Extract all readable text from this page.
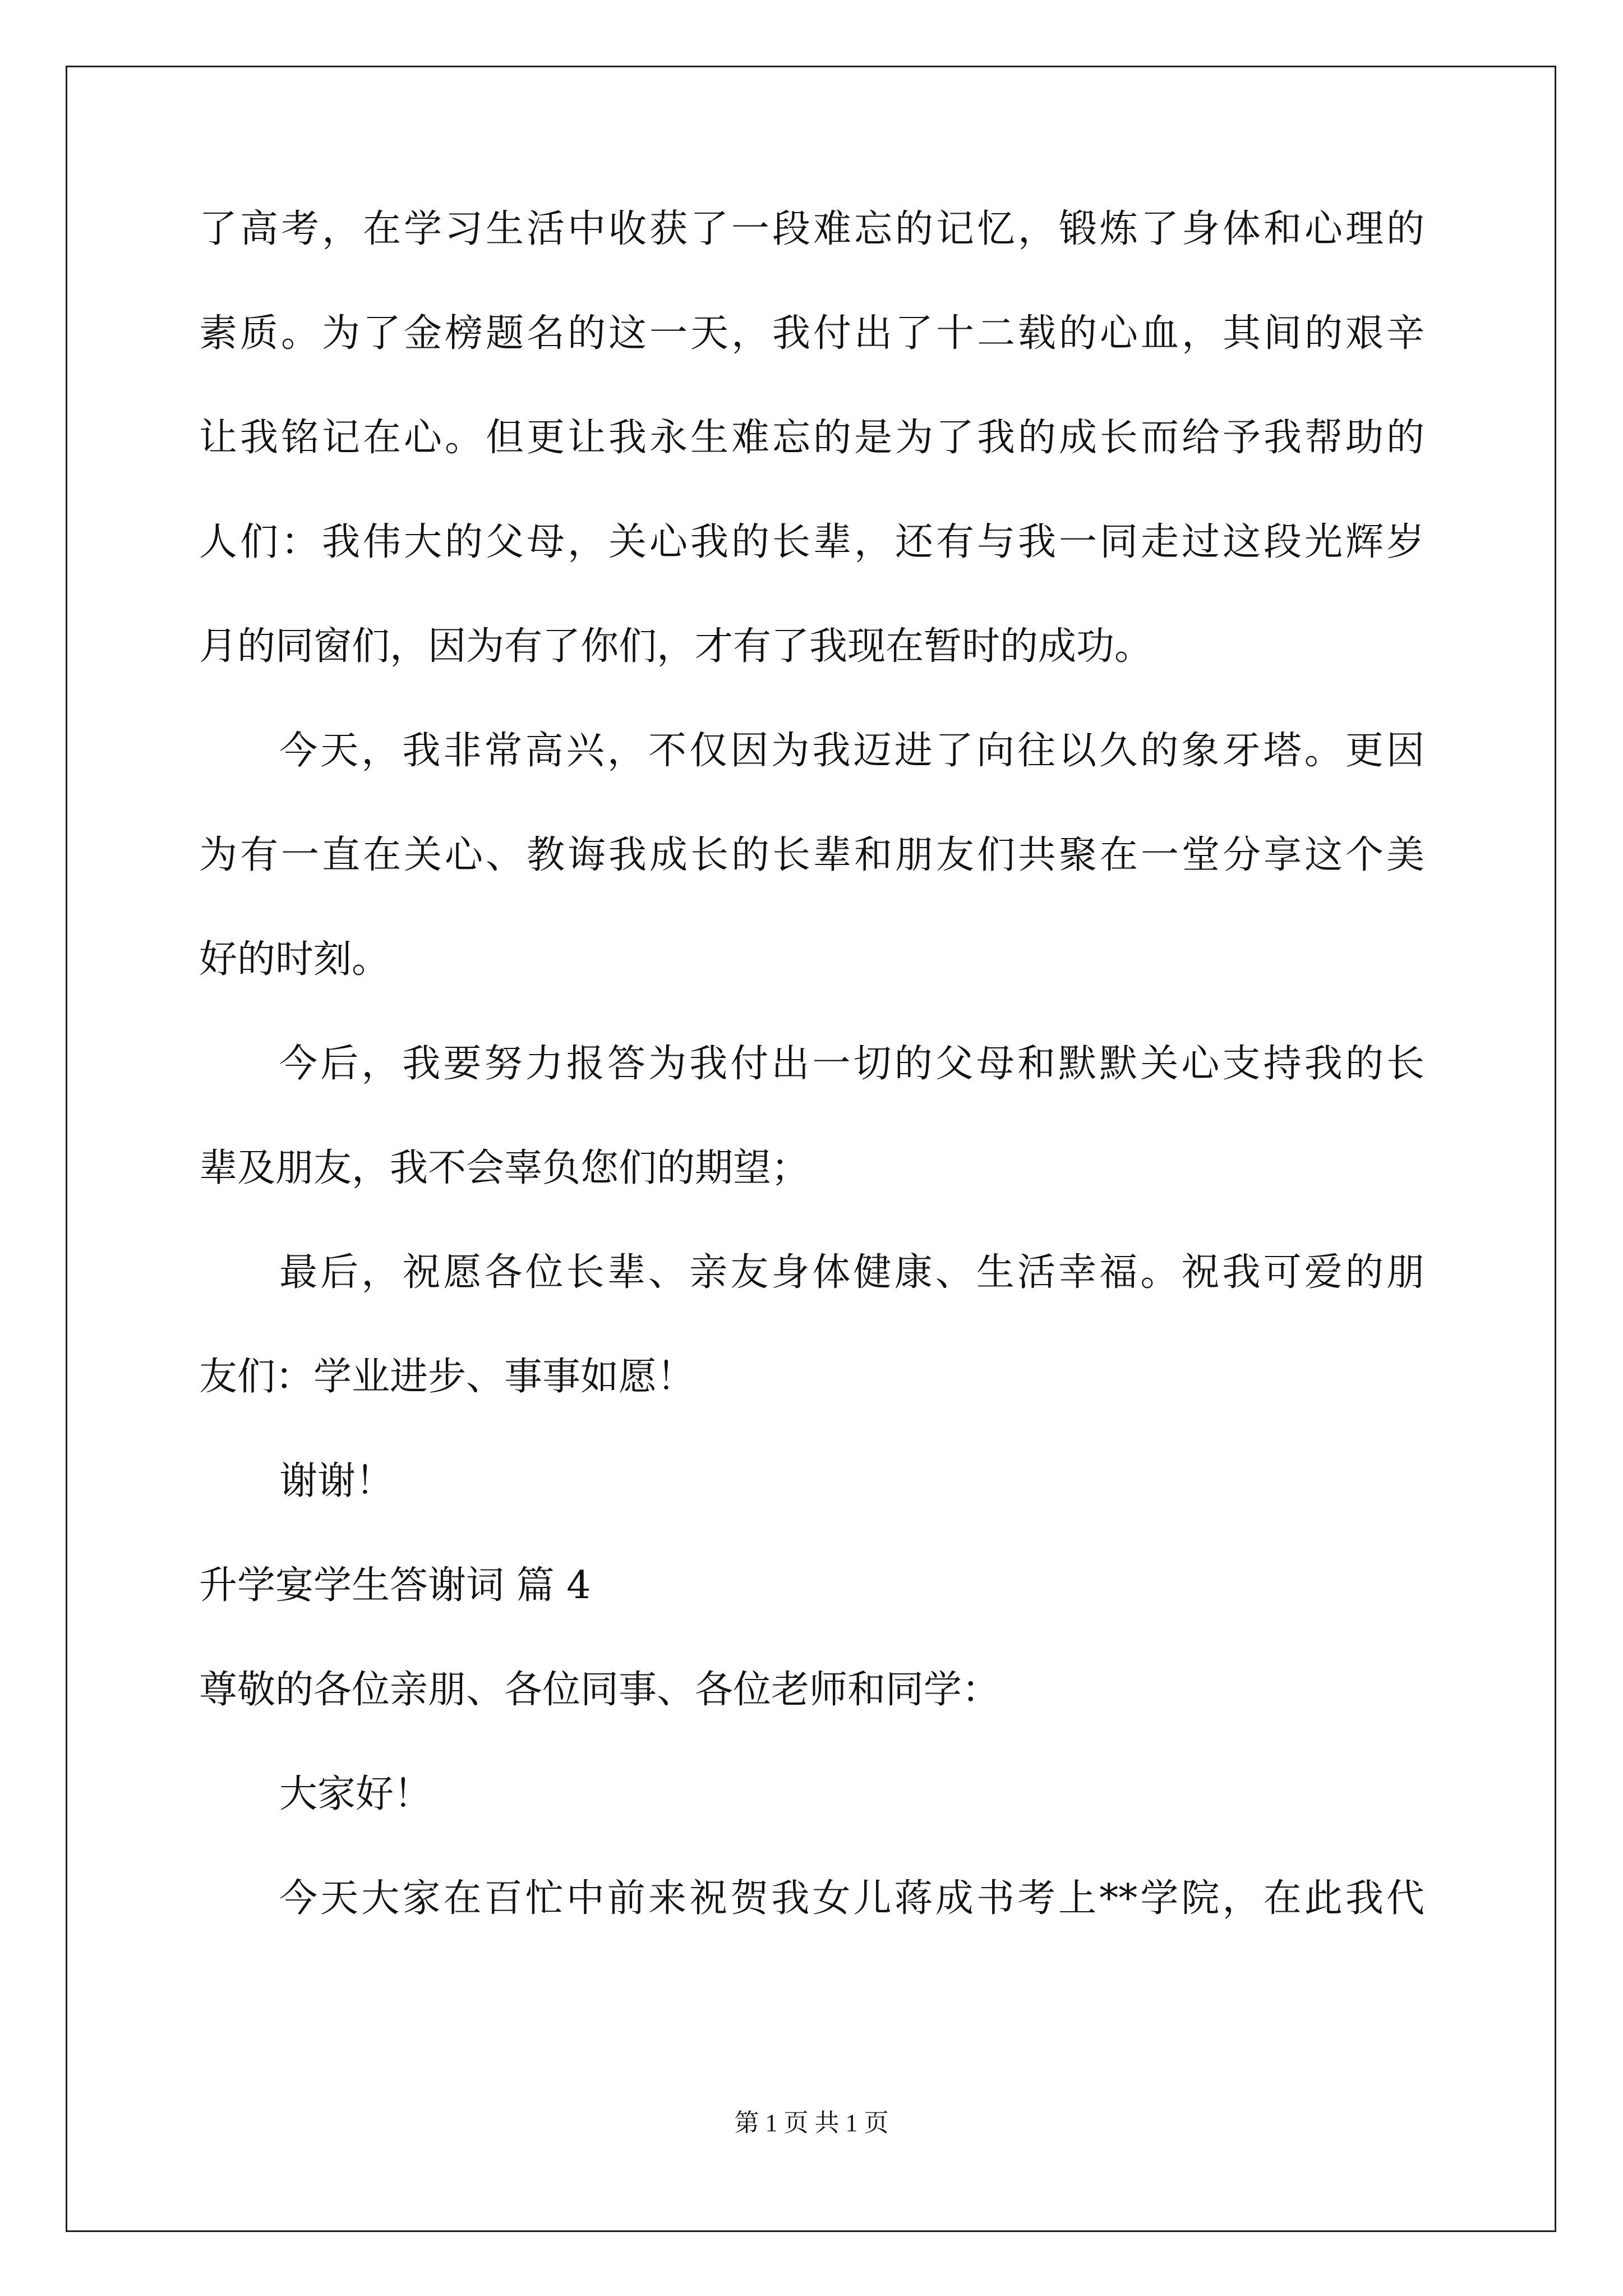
了高考，在学习生活中收获了一段难忘的记忆，锻炼了身体和心理的
素质。为了金榜题名的这一天，我付出了十二载的心血，其间的艰辛
让我铭记在心。但更让我永生难忘的是为了我的成长而给予我帮助的
人们：我伟大的父母，关心我的长辈，还有与我一同走过这段光辉岁
月的同窗们，因为有了你们，才有了我现在暂时的成功。
今天，我非常高兴，不仅因为我迈进了向往以久的象牙塔。更因
为有一直在关心、教诲我成长的长辈和朋友们共聚在一堂分享这个美
好的时刻。
今后，我要努力报答为我付出一切的父母和默默关心支持我的长
辈及朋友，我不会辜负您们的期望；
最后，祝愿各位长辈、亲友身体健康、生活幸福。祝我可爱的朋
友们：学业进步、事事如愿！
谢谢！
升学宴学生答谢词 篇 4
尊敬的各位亲朋、各位同事、各位老师和同学：
大家好！
今天大家在百忙中前来祝贺我女儿蒋成书考上**学院，在此我代
第 1 页 共 1 页
